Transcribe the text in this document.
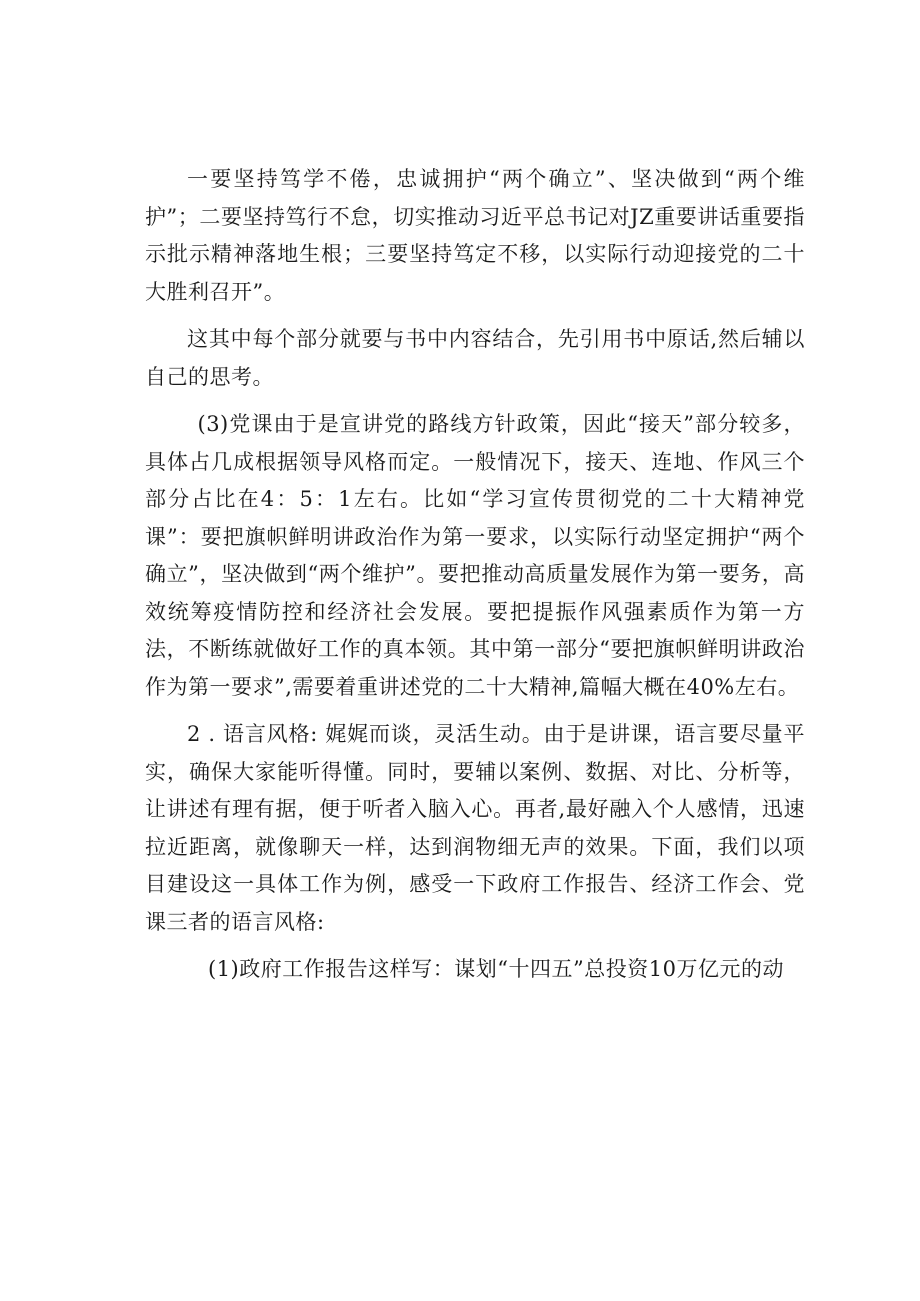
一要坚持笃学不倦，忠诚拥护“两个确立”、坚决做到“两个维护”；二要坚持笃行不怠，切实推动习近平总书记对JZ重要讲话重要指示批示精神落地生根；三要坚持笃定不移，以实际行动迎接党的二十大胜利召开”。

这其中每个部分就要与书中内容结合，先引用书中原话,然后辅以自己的思考。

(3)党课由于是宣讲党的路线方针政策，因此“接天”部分较多，具体占几成根据领导风格而定。一般情况下，接天、连地、作风三个部分占比在4：5：1左右。比如“学习宣传贯彻党的二十大精神党课”：要把旗帜鲜明讲政治作为第一要求，以实际行动坚定拥护“两个确立”，坚决做到“两个维护”。要把推动高质量发展作为第一要务，高效统筹疫情防控和经济社会发展。要把提振作风强素质作为第一方法，不断练就做好工作的真本领。其中第一部分“要把旗帜鲜明讲政治作为第一要求”,需要着重讲述党的二十大精神,篇幅大概在40%左右。

2 . 语言风格: 娓娓而谈，灵活生动。由于是讲课，语言要尽量平实，确保大家能听得懂。同时，要辅以案例、数据、对比、分析等，让讲述有理有据，便于听者入脑入心。再者,最好融入个人感情，迅速拉近距离，就像聊天一样，达到润物细无声的效果。下面，我们以项目建设这一具体工作为例，感受一下政府工作报告、经济工作会、党课三者的语言风格:

(1)政府工作报告这样写：谋划“十四五”总投资10万亿元的动
